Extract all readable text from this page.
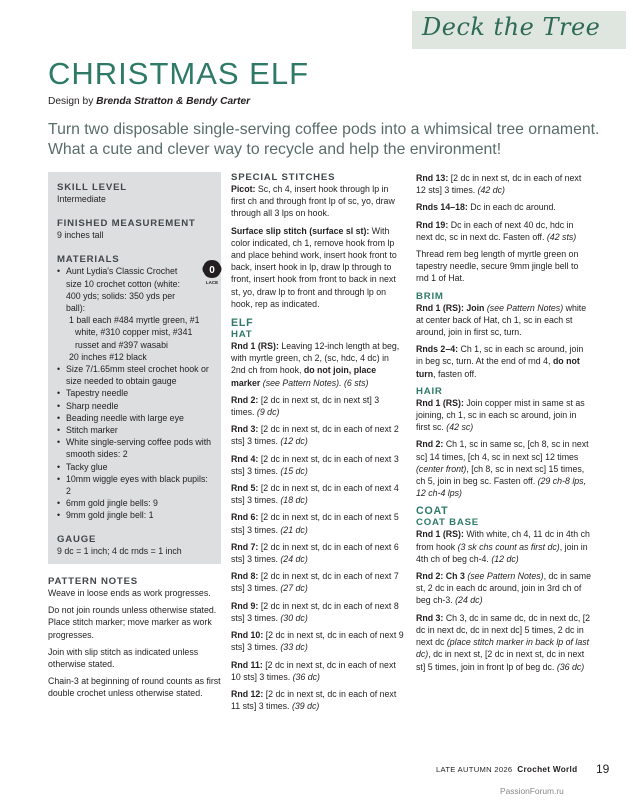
Deck the Tree
CHRISTMAS ELF
Design by Brenda Stratton & Bendy Carter
Turn two disposable single-serving coffee pods into a whimsical tree ornament. What a cute and clever way to recycle and help the environment!
SKILL LEVEL

Intermediate

FINISHED MEASUREMENT

9 inches tall

MATERIALS
0
LACE
• Aunt Lydia's Classic Crochet size 10 crochet cotton (white: 400 yds; solids: 350 yds per ball):
1 ball each #484 myrtle green, #1 white, #310 copper mist, #341 russet and #397 wasabi
20 inches #12 black
• Size 7/1.65mm steel crochet hook or size needed to obtain gauge
• Tapestry needle
• Sharp needle
• Beading needle with large eye
• Stitch marker
• White single-serving coffee pods with smooth sides: 2
• Tacky glue
• 10mm wiggle eyes with black pupils: 2
• 6mm gold jingle bells: 9
• 9mm gold jingle bell: 1
GAUGE

9 dc = 1 inch; 4 dc rnds = 1 inch

PATTERN NOTES

Weave in loose ends as work progresses.

Do not join rounds unless otherwise stated. Place stitch marker; move marker as work progresses.

Join with slip stitch as indicated unless otherwise stated.

Chain-3 at beginning of round counts as first double crochet unless otherwise stated.

SPECIAL STITCHES

Picot: Sc, ch 4, insert hook through lp in first ch and through front lp of sc, yo, draw through all 3 lps on hook.

Surface slip stitch (surface sl st): With color indicated, ch 1, remove hook from lp and place behind work, insert hook front to back, insert hook in lp, draw lp through to front, insert hook from front to back in next st, yo, draw lp to front and through lp on hook, rep as indicated.

ELF
HAT

Rnd 1 (RS): Leaving 12-inch length at beg, with myrtle green, ch 2, (sc, hdc, 4 dc) in 2nd ch from hook, do not join, place marker (see Pattern Notes). (6 sts)

Rnd 2: [2 dc in next st, dc in next st] 3 times. (9 dc)

Rnd 3: [2 dc in next st, dc in each of next 2 sts] 3 times. (12 dc)

Rnd 4: [2 dc in next st, dc in each of next 3 sts] 3 times. (15 dc)

Rnd 5: [2 dc in next st, dc in each of next 4 sts] 3 times. (18 dc)

Rnd 6: [2 dc in next st, dc in each of next 5 sts] 3 times. (21 dc)

Rnd 7: [2 dc in next st, dc in each of next 6 sts] 3 times. (24 dc)

Rnd 8: [2 dc in next st, dc in each of next 7 sts] 3 times. (27 dc)

Rnd 9: [2 dc in next st, dc in each of next 8 sts] 3 times. (30 dc)

Rnd 10: [2 dc in next st, dc in each of next 9 sts] 3 times. (33 dc)

Rnd 11: [2 dc in next st, dc in each of next 10 sts] 3 times. (36 dc)

Rnd 12: [2 dc in next st, dc in each of next 11 sts] 3 times. (39 dc)

Rnd 13: [2 dc in next st, dc in each of next 12 sts] 3 times. (42 dc)

Rnds 14–18: Dc in each dc around.

Rnd 19: Dc in each of next 40 dc, hdc in next dc, sc in next dc. Fasten off. (42 sts)

Thread rem beg length of myrtle green on tapestry needle, secure 9mm jingle bell to rnd 1 of Hat.

BRIM

Rnd 1 (RS): Join (see Pattern Notes) white at center back of Hat, ch 1, sc in each st around, join in first sc, turn.

Rnds 2–4: Ch 1, sc in each sc around, join in beg sc, turn. At the end of rnd 4, do not turn, fasten off.

HAIR

Rnd 1 (RS): Join copper mist in same st as joining, ch 1, sc in each sc around, join in first sc. (42 sc)

Rnd 2: Ch 1, sc in same sc, [ch 8, sc in next sc] 14 times, [ch 4, sc in next sc] 12 times (center front), [ch 8, sc in next sc] 15 times, ch 5, join in beg sc. Fasten off. (29 ch-8 lps, 12 ch-4 lps)

COAT
COAT BASE

Rnd 1 (RS): With white, ch 4, 11 dc in 4th ch from hook (3 sk chs count as first dc), join in 4th ch of beg ch-4. (12 dc)

Rnd 2: Ch 3 (see Pattern Notes), dc in same st, 2 dc in each dc around, join in 3rd ch of beg ch-3. (24 dc)

Rnd 3: Ch 3, dc in same dc, dc in next dc, [2 dc in next dc, dc in next dc] 5 times, 2 dc in next dc (place stitch marker in back lp of last dc), dc in next st, [2 dc in next st, dc in next st] 5 times, join in front lp of beg dc. (36 dc)

LATE AUTUMN 2026 Crochet World 19
PassionForum.ru
